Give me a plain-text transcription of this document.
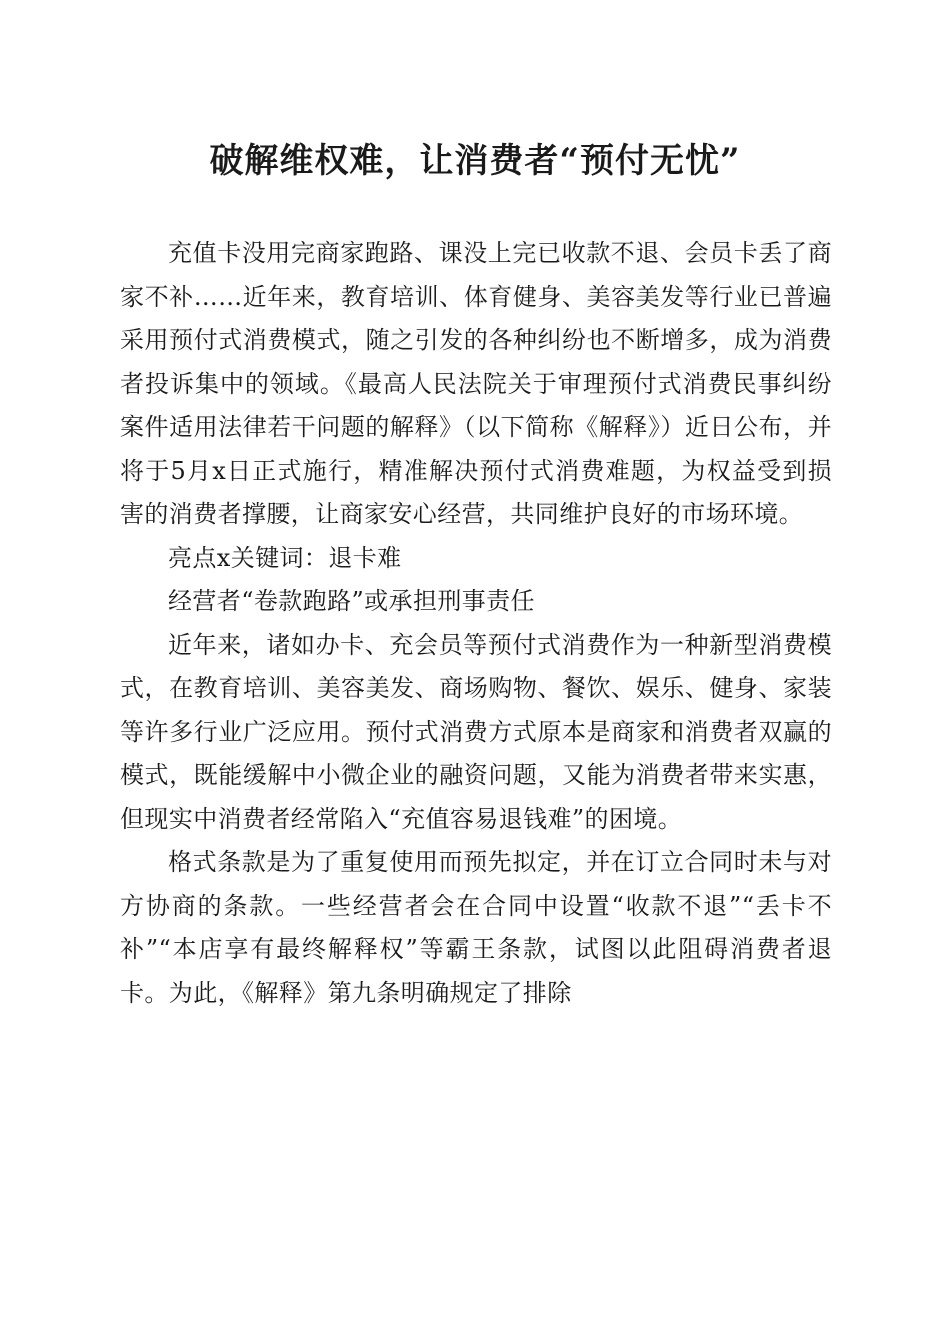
破解维权难，让消费者“预付无忧”

充值卡没用完商家跑路、课没上完已收款不退、会员卡丢了商家不补……近年来，教育培训、体育健身、美容美发等行业已普遍采用预付式消费模式，随之引发的各种纠纷也不断增多，成为消费者投诉集中的领域。《最高人民法院关于审理预付式消费民事纠纷案件适用法律若干问题的解释》（以下简称《解释》）近日公布，并将于5月x日正式施行，精准解决预付式消费难题，为权益受到损害的消费者撑腰，让商家安心经营，共同维护良好的市场环境。

亮点x关键词：退卡难

经营者“卷款跑路”或承担刑事责任

近年来，诸如办卡、充会员等预付式消费作为一种新型消费模式，在教育培训、美容美发、商场购物、餐饮、娱乐、健身、家装等许多行业广泛应用。预付式消费方式原本是商家和消费者双赢的模式，既能缓解中小微企业的融资问题，又能为消费者带来实惠，但现实中消费者经常陷入“充值容易退钱难”的困境。

格式条款是为了重复使用而预先拟定，并在订立合同时未与对方协商的条款。一些经营者会在合同中设置“收款不退”“丢卡不补”“本店享有最终解释权”等霸王条款，试图以此阻碍消费者退卡。为此，《解释》第九条明确规定了排除
